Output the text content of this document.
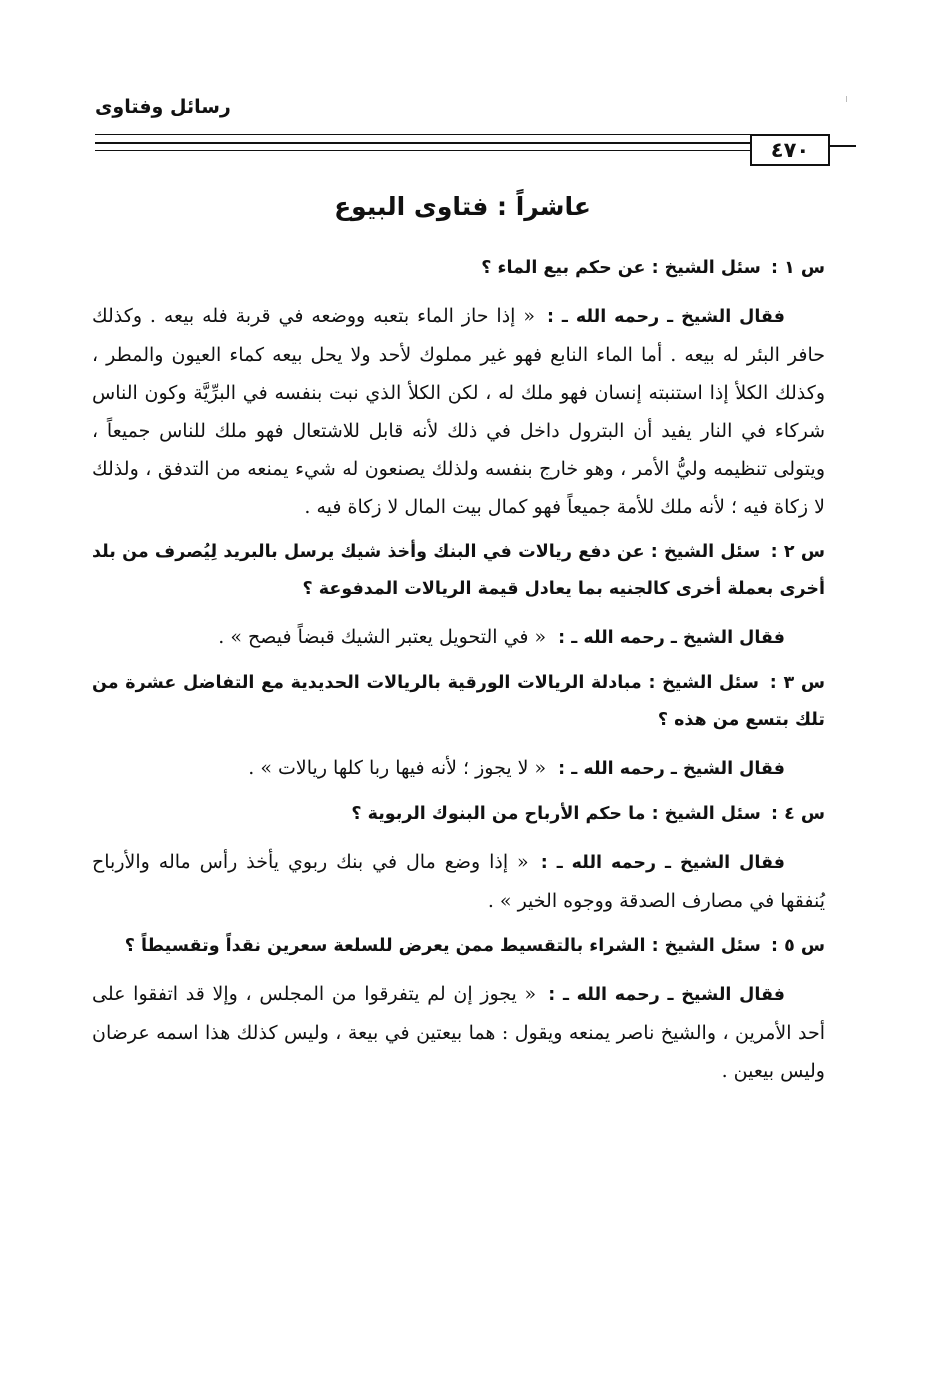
رسائل وفتاوى
٤٧٠
عاشراً : فتاوى البيوع
س ١ : سئل الشيخ : عن حكم بيع الماء ؟

فقال الشيخ ـ رحمه الله ـ :« إذا حاز الماء بتعبه ووضعه في قربة فله بيعه . وكذلك حافر البئر له بيعه . أما الماء النابع فهو غير مملوك لأحد ولا يحل بيعه كماء العيون والمطر ، وكذلك الكلأ إذا استنبته إنسان فهو ملك له ، لكن الكلأ الذي نبت بنفسه في البرِّيَّة وكون الناس شركاء في النار يفيد أن البترول داخل في ذلك لأنه قابل للاشتعال فهو ملك للناس جميعاً ، ويتولى تنظيمه وليُّ الأمر ، وهو خارج بنفسه ولذلك يصنعون له شيء يمنعه من التدفق ، ولذلك لا زكاة فيه ؛ لأنه ملك للأمة جميعاً فهو كمال بيت المال لا زكاة فيه .

س ٢ : سئل الشيخ : عن دفع ريالات في البنك وأخذ شيك يرسل بالبريد لِيُصرف من بلد أخرى بعملة أخرى كالجنيه بما يعادل قيمة الريالات المدفوعة ؟

فقال الشيخ ـ رحمه الله ـ :« في التحويل يعتبر الشيك قبضاً فيصح » .

س ٣ : سئل الشيخ : مبادلة الريالات الورقية بالريالات الحديدية مع التفاضل عشرة من تلك بتسع من هذه ؟

فقال الشيخ ـ رحمه الله ـ :« لا يجوز ؛ لأنه فيها ربا كلها ريالات » .

س ٤ : سئل الشيخ : ما حكم الأرباح من البنوك الربوية ؟

فقال الشيخ ـ رحمه الله ـ :« إذا وضع مال في بنك ربوي يأخذ رأس ماله والأرباح يُنفقها في مصارف الصدقة ووجوه الخير » .

س ٥ : سئل الشيخ : الشراء بالتقسيط ممن يعرض للسلعة سعرين نقداً وتقسيطاً ؟

فقال الشيخ ـ رحمه الله ـ :« يجوز إن لم يتفرقوا من المجلس ، وإلا قد اتفقوا على أحد الأمرين ، والشيخ ناصر يمنعه ويقول : هما بيعتين في بيعة ، وليس كذلك هذا اسمه عرضان وليس بيعين .
